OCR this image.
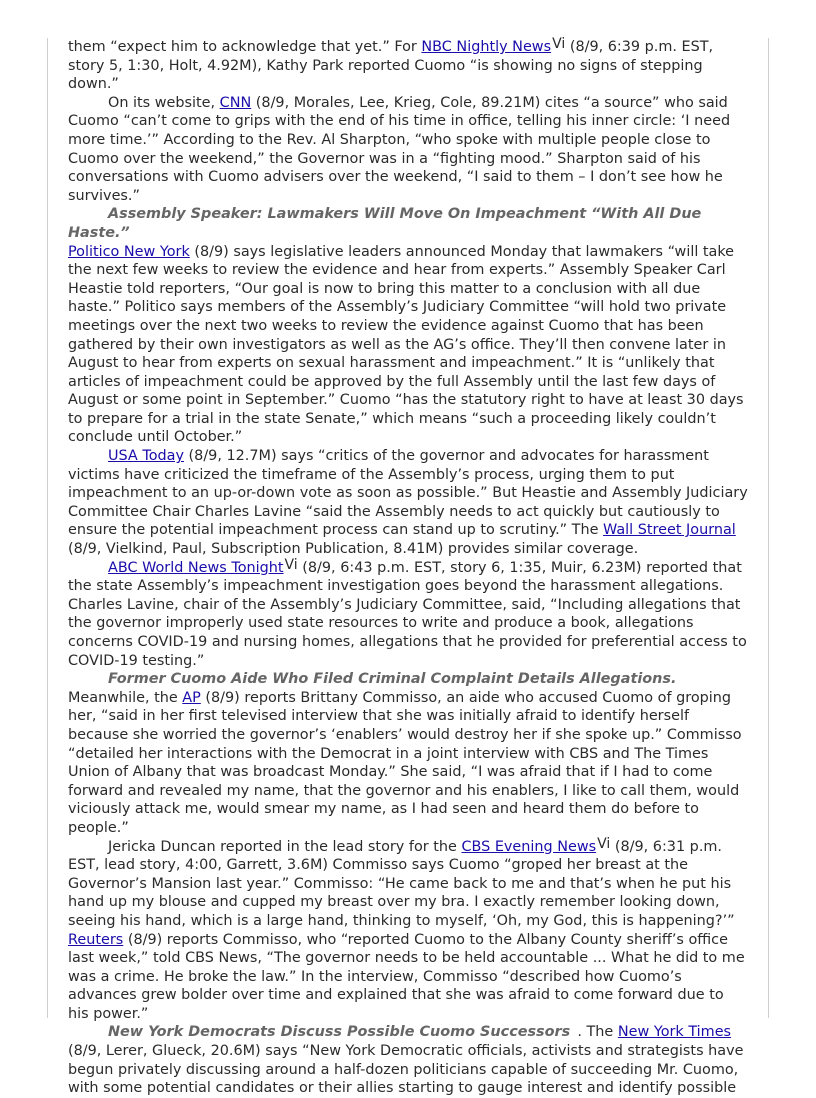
them “expect him to acknowledge that yet.” For NBC Nightly NewsVi (8/9, 6:39 p.m. EST, story 5, 1:30, Holt, 4.92M), Kathy Park reported Cuomo “is showing no signs of stepping down.”

On its website, CNN (8/9, Morales, Lee, Krieg, Cole, 89.21M) cites “a source” who said Cuomo “can’t come to grips with the end of his time in office, telling his inner circle: ‘I need more time.’” According to the Rev. Al Sharpton, “who spoke with multiple people close to Cuomo over the weekend,” the Governor was in a “fighting mood.” Sharpton said of his conversations with Cuomo advisers over the weekend, “I said to them – I don’t see how he survives.”

Assembly Speaker: Lawmakers Will Move On Impeachment “With All Due Haste.”

Politico New York (8/9) says legislative leaders announced Monday that lawmakers “will take the next few weeks to review the evidence and hear from experts.” Assembly Speaker Carl Heastie told reporters, “Our goal is now to bring this matter to a conclusion with all due haste.” Politico says members of the Assembly’s Judiciary Committee “will hold two private meetings over the next two weeks to review the evidence against Cuomo that has been gathered by their own investigators as well as the AG’s office. They’ll then convene later in August to hear from experts on sexual harassment and impeachment.” It is “unlikely that articles of impeachment could be approved by the full Assembly until the last few days of August or some point in September.” Cuomo “has the statutory right to have at least 30 days to prepare for a trial in the state Senate,” which means “such a proceeding likely couldn’t conclude until October.”

USA Today (8/9, 12.7M) says “critics of the governor and advocates for harassment victims have criticized the timeframe of the Assembly’s process, urging them to put impeachment to an up-or-down vote as soon as possible.” But Heastie and Assembly Judiciary Committee Chair Charles Lavine “said the Assembly needs to act quickly but cautiously to ensure the potential impeachment process can stand up to scrutiny.” The Wall Street Journal (8/9, Vielkind, Paul, Subscription Publication, 8.41M) provides similar coverage.

ABC World News TonightVi (8/9, 6:43 p.m. EST, story 6, 1:35, Muir, 6.23M) reported that the state Assembly’s impeachment investigation goes beyond the harassment allegations. Charles Lavine, chair of the Assembly’s Judiciary Committee, said, “Including allegations that the governor improperly used state resources to write and produce a book, allegations concerns COVID-19 and nursing homes, allegations that he provided for preferential access to COVID-19 testing.”

Former Cuomo Aide Who Filed Criminal Complaint Details Allegations.

Meanwhile, the AP (8/9) reports Brittany Commisso, an aide who accused Cuomo of groping her, “said in her first televised interview that she was initially afraid to identify herself because she worried the governor’s ‘enablers’ would destroy her if she spoke up.” Commisso “detailed her interactions with the Democrat in a joint interview with CBS and The Times Union of Albany that was broadcast Monday.” She said, “I was afraid that if I had to come forward and revealed my name, that the governor and his enablers, I like to call them, would viciously attack me, would smear my name, as I had seen and heard them do before to people.”

Jericka Duncan reported in the lead story for the CBS Evening NewsVi (8/9, 6:31 p.m. EST, lead story, 4:00, Garrett, 3.6M) Commisso says Cuomo “groped her breast at the Governor’s Mansion last year.” Commisso: “He came back to me and that’s when he put his hand up my blouse and cupped my breast over my bra. I exactly remember looking down, seeing his hand, which is a large hand, thinking to myself, ‘Oh, my God, this is happening?’” Reuters (8/9) reports Commisso, who “reported Cuomo to the Albany County sheriff’s office last week,” told CBS News, “The governor needs to be held accountable ... What he did to me was a crime. He broke the law.” In the interview, Commisso “described how Cuomo’s advances grew bolder over time and explained that she was afraid to come forward due to his power.”

New York Democrats Discuss Possible Cuomo Successors . The New York Times (8/9, Lerer, Glueck, 20.6M) says “New York Democratic officials, activists and strategists have begun privately discussing around a half-dozen politicians capable of succeeding Mr. Cuomo, with some potential candidates or their allies starting to gauge interest and identify possible
